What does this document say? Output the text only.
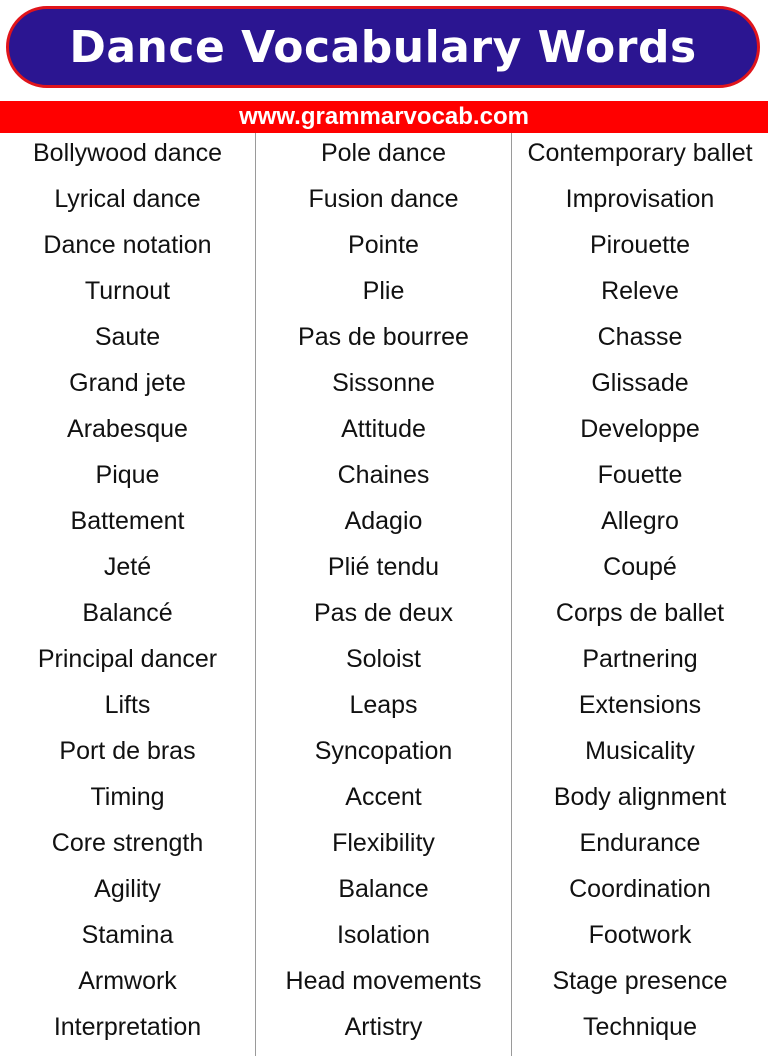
Dance Vocabulary Words
www.grammarvocab.com
Bollywood dance
Lyrical dance
Dance notation
Turnout
Saute
Grand jete
Arabesque
Pique
Battement
Jeté
Balancé
Principal dancer
Lifts
Port de bras
Timing
Core strength
Agility
Stamina
Armwork
Interpretation
Pole dance
Fusion dance
Pointe
Plie
Pas de bourree
Sissonne
Attitude
Chaines
Adagio
Plié tendu
Pas de deux
Soloist
Leaps
Syncopation
Accent
Flexibility
Balance
Isolation
Head movements
Artistry
Contemporary ballet
Improvisation
Pirouette
Releve
Chasse
Glissade
Developpe
Fouette
Allegro
Coupé
Corps de ballet
Partnering
Extensions
Musicality
Body alignment
Endurance
Coordination
Footwork
Stage presence
Technique
